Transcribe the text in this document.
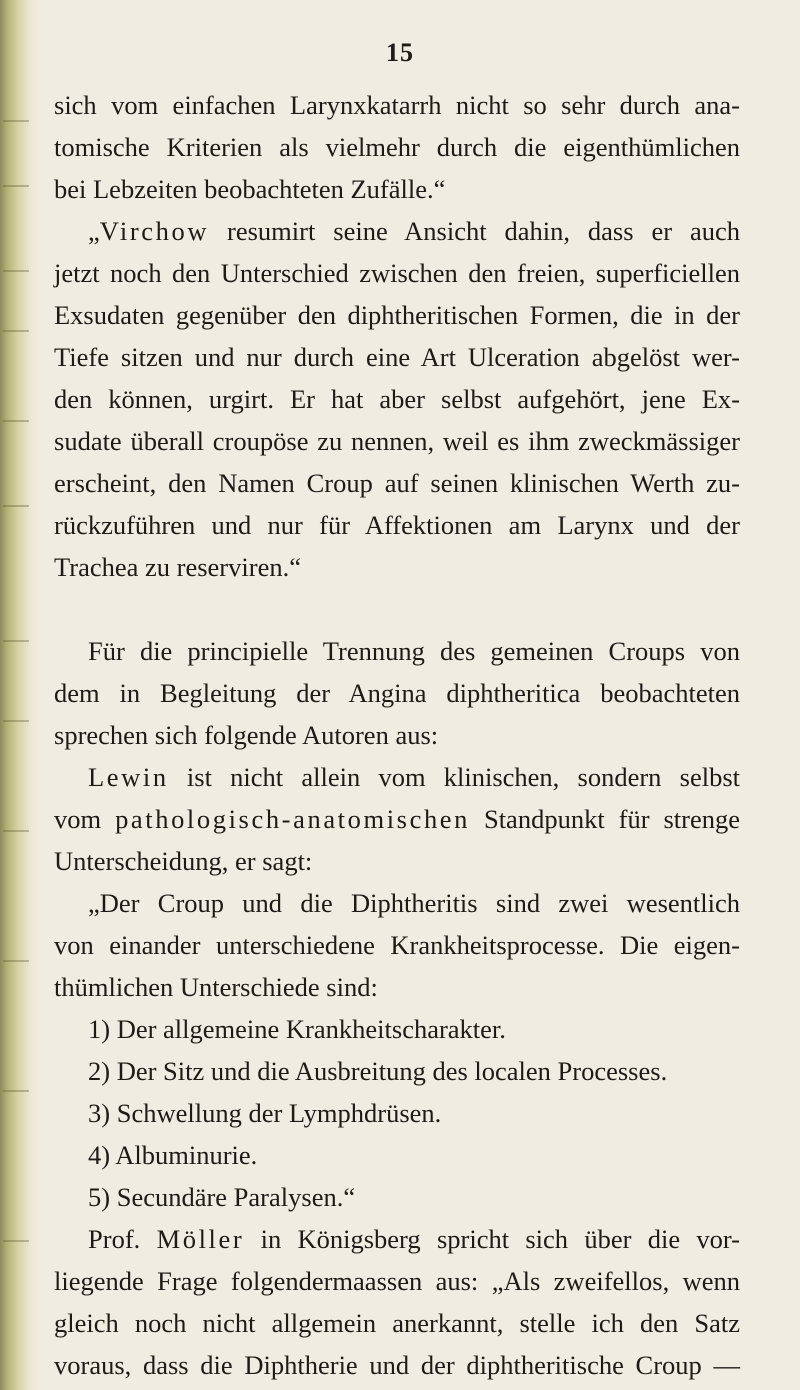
15
sich vom einfachen Larynxkatarrh nicht so sehr durch ana-
tomische Kriterien als vielmehr durch die eigenthümlichen
bei Lebzeiten beobachteten Zufälle.“
„Virchow resumirt seine Ansicht dahin, dass er auch
jetzt noch den Unterschied zwischen den freien, superficiellen
Exsudaten gegenüber den diphtheritischen Formen, die in der
Tiefe sitzen und nur durch eine Art Ulceration abgelöst wer-
den können, urgirt. Er hat aber selbst aufgehört, jene Ex-
sudate überall croupöse zu nennen, weil es ihm zweckmässiger
erscheint, den Namen Croup auf seinen klinischen Werth zu-
rückzuführen und nur für Affektionen am Larynx und der
Trachea zu reserviren.“
Für die principielle Trennung des gemeinen Croups von
dem in Begleitung der Angina diphtheritica beobachteten
sprechen sich folgende Autoren aus:
Lewin ist nicht allein vom klinischen, sondern selbst
vom pathologisch-anatomischen Standpunkt für strenge
Unterscheidung, er sagt:
„Der Croup und die Diphtheritis sind zwei wesentlich
von einander unterschiedene Krankheitsprocesse. Die eigen-
thümlichen Unterschiede sind:
1) Der allgemeine Krankheitscharakter.
2) Der Sitz und die Ausbreitung des localen Processes.
3) Schwellung der Lymphdrüsen.
4) Albuminurie.
5) Secundäre Paralysen.“
Prof. Möller in Königsberg spricht sich über die vor-
liegende Frage folgendermaassen aus: „Als zweifellos, wenn
gleich noch nicht allgemein anerkannt, stelle ich den Satz
voraus, dass die Diphtherie und der diphtheritische Croup —
